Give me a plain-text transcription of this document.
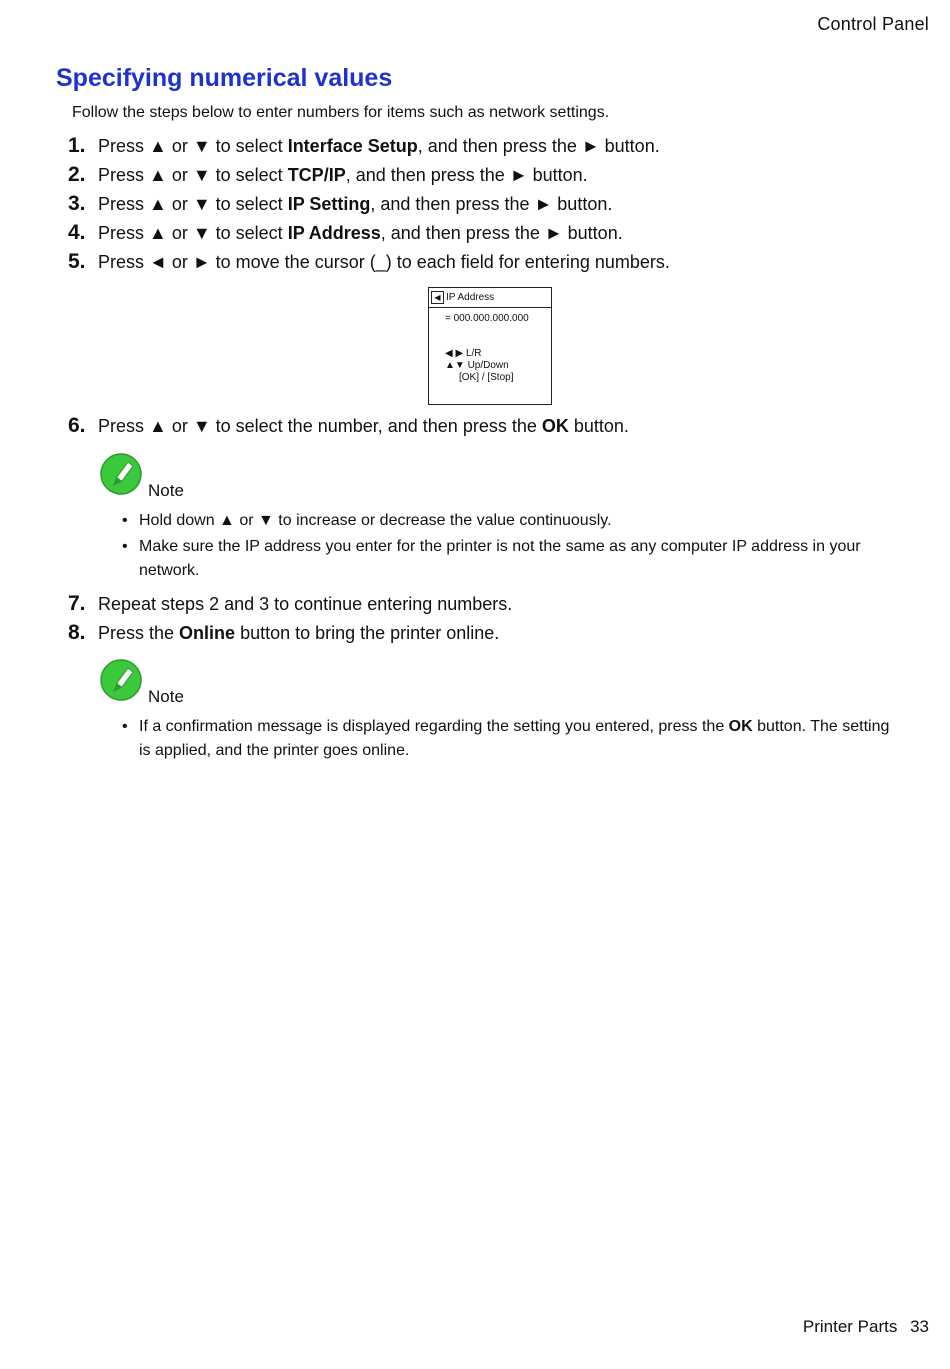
Control Panel
Specifying numerical values
Follow the steps below to enter numbers for items such as network settings.
1. Press ▲ or ▼ to select Interface Setup, and then press the ► button.
2. Press ▲ or ▼ to select TCP/IP, and then press the ► button.
3. Press ▲ or ▼ to select IP Setting, and then press the ► button.
4. Press ▲ or ▼ to select IP Address, and then press the ► button.
5. Press ◄ or ► to move the cursor (_) to each field for entering numbers.
◀ IP Address
= 000.000.000.000
◀ ▶ L/R
▲▼ Up/Down
[OK] / [Stop]
6. Press ▲ or ▼ to select the number, and then press the OK button.
Note
• Hold down ▲ or ▼ to increase or decrease the value continuously.
• Make sure the IP address you enter for the printer is not the same as any computer IP address in your network.
7. Repeat steps 2 and 3 to continue entering numbers.
8. Press the Online button to bring the printer online.
Note
• If a confirmation message is displayed regarding the setting you entered, press the OK button. The setting is applied, and the printer goes online.
Printer Parts 33
